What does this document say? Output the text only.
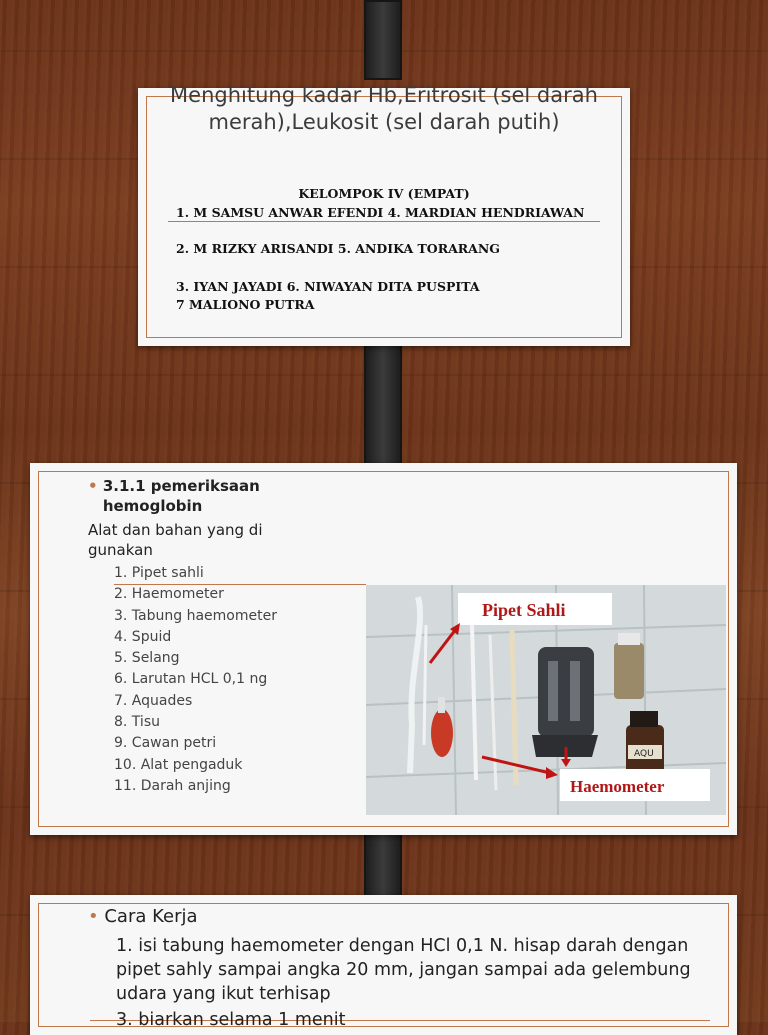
Menghitung kadar Hb,Eritrosit (sel darah merah),Leukosit (sel darah putih)
KELOMPOK IV (EMPAT)
1. M SAMSU ANWAR EFENDI 4. MARDIAN HENDRIAWAN
2. M RIZKY ARISANDI 5. ANDIKA TORARANG
3. IYAN JAYADI 6. NIWAYAN DITA PUSPITA
7 MALIONO PUTRA
• 3.1.1 pemeriksaan hemoglobin
Alat dan bahan yang di gunakan
1. Pipet sahli
2. Haemometer
3. Tabung haemometer
4. Spuid
5. Selang
6. Larutan HCL 0,1 ng
7. Aquades
8. Tisu
9. Cawan petri
10. Alat pengaduk
11. Darah anjing
AQU
Pipet Sahli
Haemometer
• Cara Kerja
1. isi tabung haemometer dengan HCl 0,1 N. hisap darah dengan pipet sahly sampai angka 20 mm, jangan sampai ada gelembung udara yang ikut terhisap
3. biarkan selama 1 menit
